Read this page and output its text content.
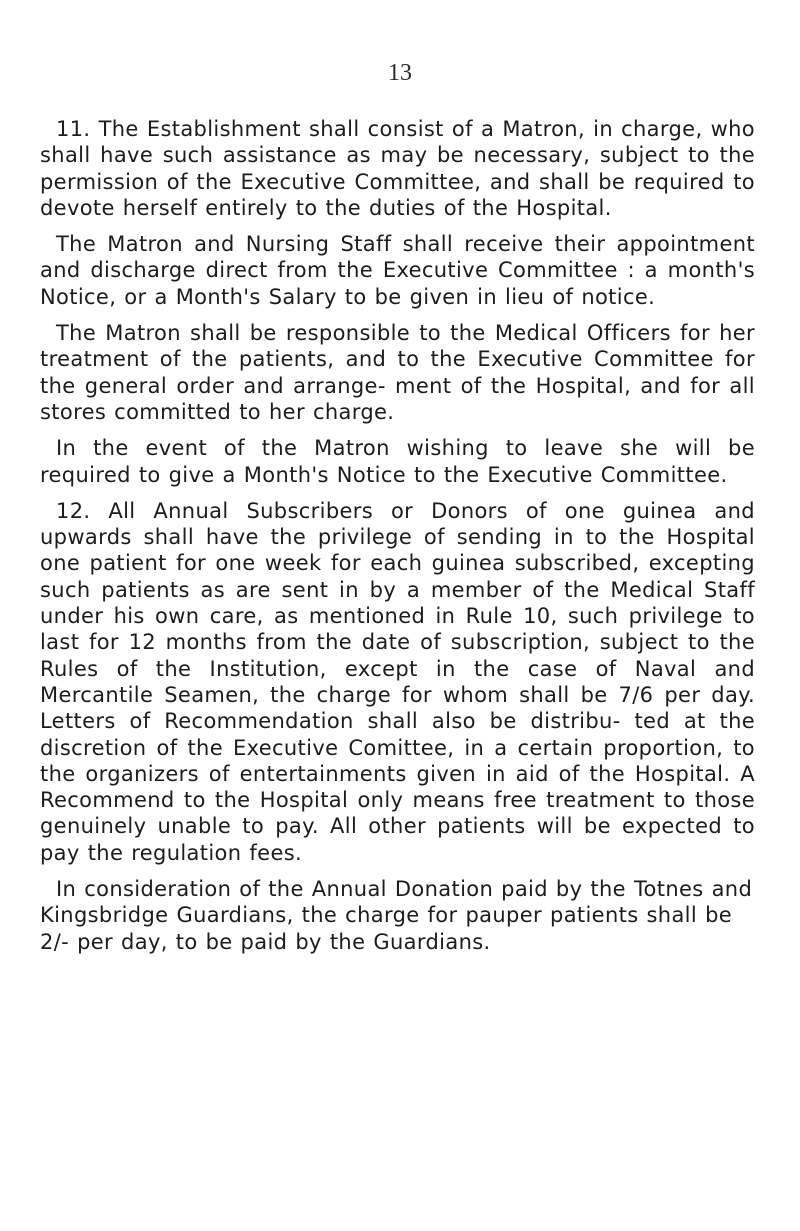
13

11. The Establishment shall consist of a Matron, in charge, who shall have such assistance as may be necessary, subject to the permission of the Executive Committee, and shall be required to devote herself entirely to the duties of the Hospital.

The Matron and Nursing Staff shall receive their appointment and discharge direct from the Executive Committee : a month's Notice, or a Month's Salary to be given in lieu of notice.

The Matron shall be responsible to the Medical Officers for her treatment of the patients, and to the Executive Committee for the general order and arrange- ment of the Hospital, and for all stores committed to her charge.

In the event of the Matron wishing to leave she will be required to give a Month's Notice to the Executive Committee.

12. All Annual Subscribers or Donors of one guinea and upwards shall have the privilege of sending in to the Hospital one patient for one week for each guinea subscribed, excepting such patients as are sent in by a member of the Medical Staff under his own care, as mentioned in Rule 10, such privilege to last for 12 months from the date of subscription, subject to the Rules of the Institution, except in the case of Naval and Mercantile Seamen, the charge for whom shall be 7/6 per day. Letters of Recommendation shall also be distribu- ted at the discretion of the Executive Comittee, in a certain proportion, to the organizers of entertainments given in aid of the Hospital. A Recommend to the Hospital only means free treatment to those genuinely unable to pay. All other patients will be expected to pay the regulation fees.

In consideration of the Annual Donation paid by the Totnes and Kingsbridge Guardians, the charge for pauper patients shall be 2/- per day, to be paid by the Guardians.
